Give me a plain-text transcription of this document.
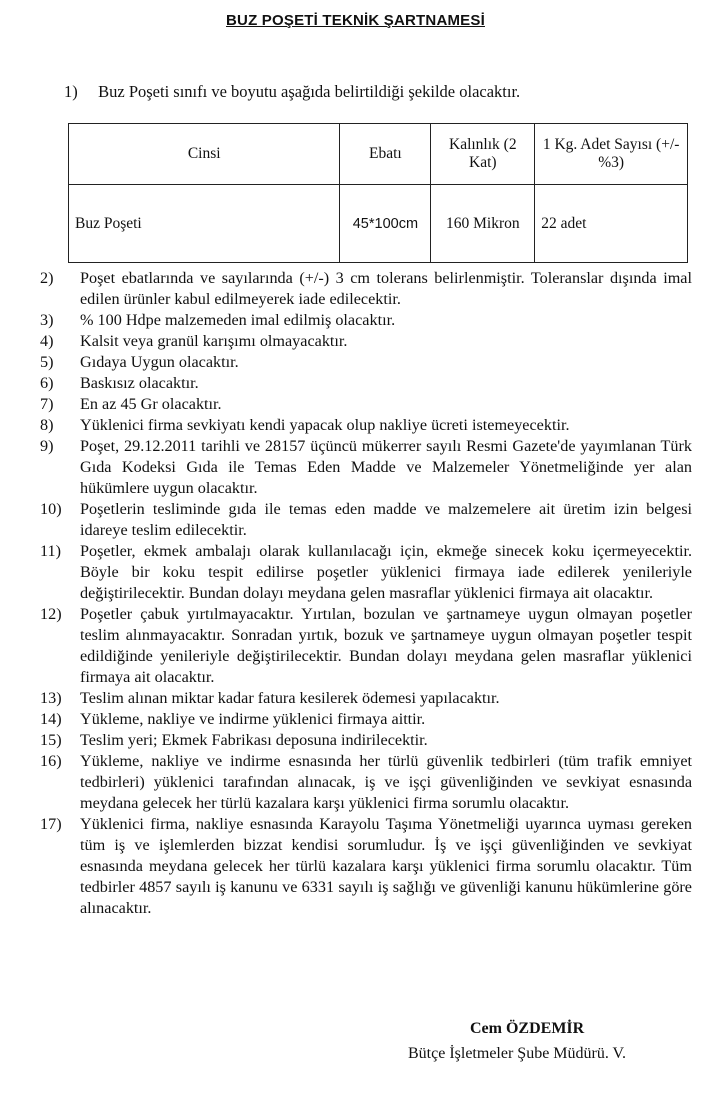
BUZ POŞETİ TEKNİK ŞARTNAMESİ
1) Buz Poşeti sınıfı ve boyutu aşağıda belirtildiği şekilde olacaktır.
Cinsi	Ebatı	Kalınlık (2 Kat)	1 Kg. Adet Sayısı (+/- %3)
Buz Poşeti	45*100cm	160 Mikron	22 adet
2)	Poşet ebatlarında ve sayılarında (+/-) 3 cm tolerans belirlenmiştir. Toleranslar dışında imal edilen ürünler kabul edilmeyerek iade edilecektir.
3)	% 100 Hdpe malzemeden imal edilmiş olacaktır.
4)	Kalsit veya granül karışımı olmayacaktır.
5)	Gıdaya Uygun olacaktır.
6)	Baskısız olacaktır.
7)	En az 45 Gr olacaktır.
8)	Yüklenici firma sevkiyatı kendi yapacak olup nakliye ücreti istemeyecektir.
9)	Poşet, 29.12.2011 tarihli ve 28157 üçüncü mükerrer sayılı Resmi Gazete'de yayımlanan Türk Gıda Kodeksi Gıda ile Temas Eden Madde ve Malzemeler Yönetmeliğinde yer alan hükümlere uygun olacaktır.
10)	Poşetlerin tesliminde gıda ile temas eden madde ve malzemelere ait üretim izin belgesi idareye teslim edilecektir.
11)	Poşetler, ekmek ambalajı olarak kullanılacağı için, ekmeğe sinecek koku içermeyecektir. Böyle bir koku tespit edilirse poşetler yüklenici firmaya iade edilerek yenileriyle değiştirilecektir. Bundan dolayı meydana gelen masraflar yüklenici firmaya ait olacaktır.
12)	Poşetler çabuk yırtılmayacaktır. Yırtılan, bozulan ve şartnameye uygun olmayan poşetler teslim alınmayacaktır. Sonradan yırtık, bozuk ve şartnameye uygun olmayan poşetler tespit edildiğinde yenileriyle değiştirilecektir. Bundan dolayı meydana gelen masraflar yüklenici firmaya ait olacaktır.
13)	Teslim alınan miktar kadar fatura kesilerek ödemesi yapılacaktır.
14)	Yükleme, nakliye ve indirme yüklenici firmaya aittir.
15)	Teslim yeri; Ekmek Fabrikası deposuna indirilecektir.
16)	Yükleme, nakliye ve indirme esnasında her türlü güvenlik tedbirleri (tüm trafik emniyet tedbirleri) yüklenici tarafından alınacak, iş ve işçi güvenliğinden ve sevkiyat esnasında meydana gelecek her türlü kazalara karşı yüklenici firma sorumlu olacaktır.
17)	Yüklenici firma, nakliye esnasında Karayolu Taşıma Yönetmeliği uyarınca uyması gereken tüm iş ve işlemlerden bizzat kendisi sorumludur. İş ve işçi güvenliğinden ve sevkiyat esnasında meydana gelecek her türlü kazalara karşı yüklenici firma sorumlu olacaktır. Tüm tedbirler 4857 sayılı iş kanunu ve 6331 sayılı iş sağlığı ve güvenliği kanunu hükümlerine göre alınacaktır.
Cem ÖZDEMİR
Bütçe İşletmeler Şube Müdürü. V.
